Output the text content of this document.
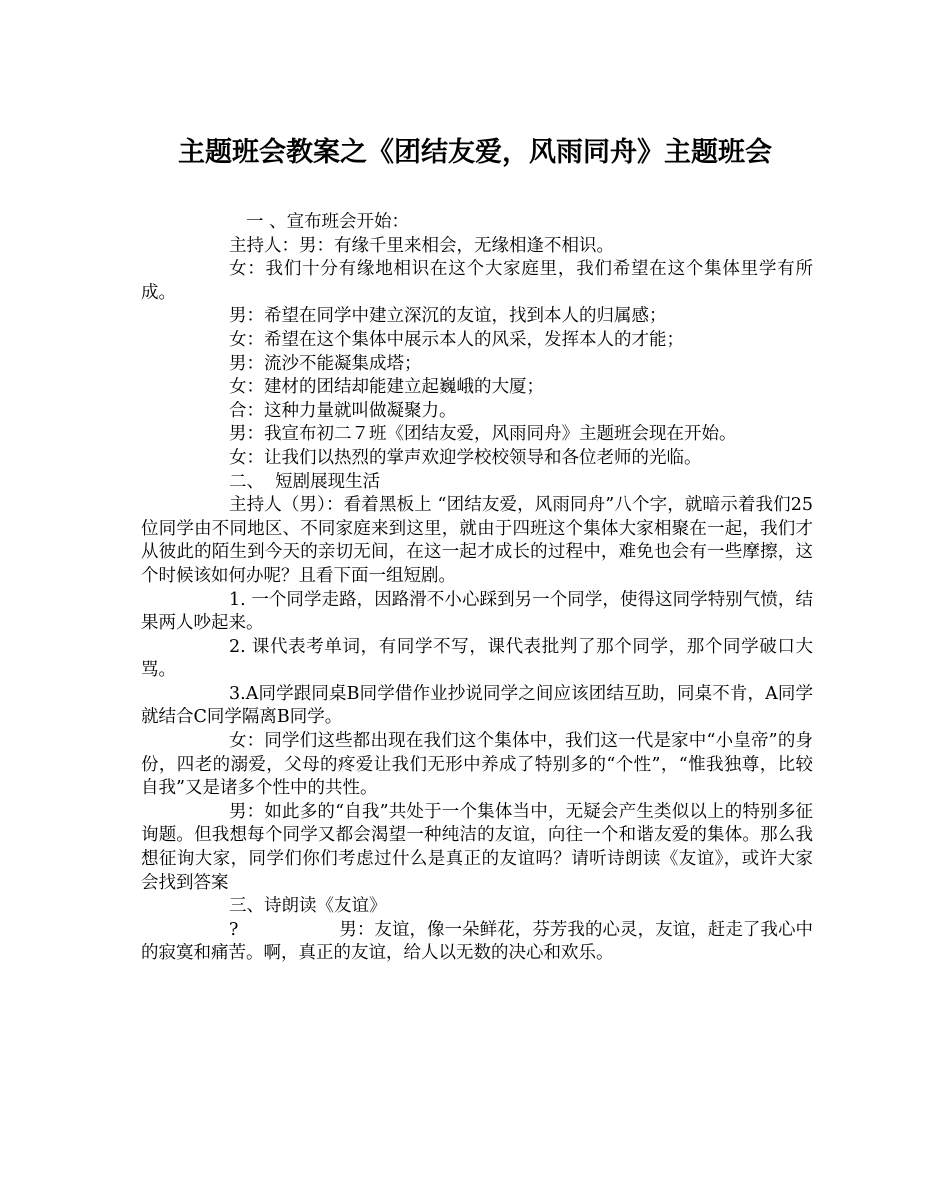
主题班会教案之《团结友爱，风雨同舟》主题班会

一 、宣布班会开始：

主持人：男：有缘千里来相会，无缘相逢不相识。

女：我们十分有缘地相识在这个大家庭里，我们希望在这个集体里学有所成。

男：希望在同学中建立深沉的友谊，找到本人的归属感；

女：希望在这个集体中展示本人的风采，发挥本人的才能；

男：流沙不能凝集成塔；

女：建材的团结却能建立起巍峨的大厦；

合：这种力量就叫做凝聚力。

男：我宣布初二７班《团结友爱，风雨同舟》主题班会现在开始。

女：让我们以热烈的掌声欢迎学校校领导和各位老师的光临。

二、  短剧展现生活

主持人（男）：看着黑板上 “团结友爱，风雨同舟”八个字，就暗示着我们25位同学由不同地区、不同家庭来到这里，就由于四班这个集体大家相聚在一起，我们才从彼此的陌生到今天的亲切无间，在这一起才成长的过程中，难免也会有一些摩擦，这个时候该如何办呢？且看下面一组短剧。

1. 一个同学走路，因路滑不小心踩到另一个同学，使得这同学特别气愤，结果两人吵起来。

2. 课代表考单词，有同学不写，课代表批判了那个同学，那个同学破口大骂。

3.A同学跟同桌B同学借作业抄说同学之间应该团结互助，同桌不肯，A同学就结合C同学隔离B同学。

女：同学们这些都出现在我们这个集体中，我们这一代是家中“小皇帝”的身份，四老的溺爱，父母的疼爱让我们无形中养成了特别多的“个性”，“惟我独尊，比较自我”又是诸多个性中的共性。

男：如此多的“自我”共处于一个集体当中，无疑会产生类似以上的特别多征询题。但我想每个同学又都会渴望一种纯洁的友谊，向往一个和谐友爱的集体。那么我想征询大家，同学们你们考虑过什么是真正的友谊吗？请听诗朗读《友谊》，或许大家会找到答案

三、诗朗读《友谊》

?                  男：友谊，像一朵鲜花，芬芳我的心灵，友谊，赶走了我心中的寂寞和痛苦。啊，真正的友谊，给人以无数的决心和欢乐。
